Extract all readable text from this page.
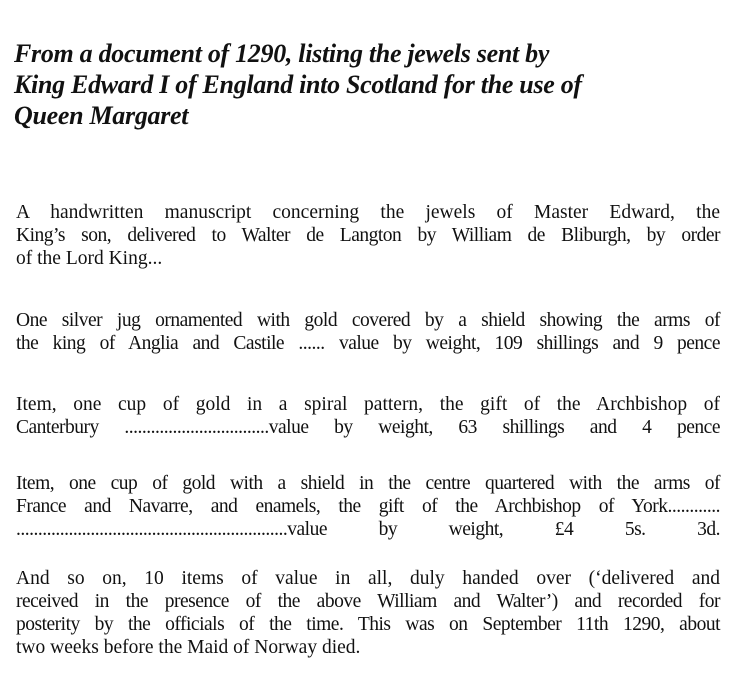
From a document of 1290, listing the jewels sent by
King Edward I of England into Scotland for the use of
Queen Margaret

A handwritten manuscript concerning the jewels of Master Edward, the
King’s son, delivered to Walter de Langton by William de Bliburgh, by order
of the Lord King...

One silver jug ornamented with gold covered by a shield showing the arms of
the king of Anglia and Castile ...... value by weight, 109 shillings and 9 pence

Item, one cup of gold in a spiral pattern, the gift of the Archbishop of
Canterbury .................................value by weight, 63 shillings and 4 pence

Item, one cup of gold with a shield in the centre quartered with the arms of
France and Navarre, and enamels, the gift of the Archbishop of York............
..............................................................value by weight, £4 5s. 3d.

And so on, 10 items of value in all, duly handed over (‘delivered and
received in the presence of the above William and Walter’) and recorded for
posterity by the officials of the time. This was on September 11th 1290, about
two weeks before the Maid of Norway died.
